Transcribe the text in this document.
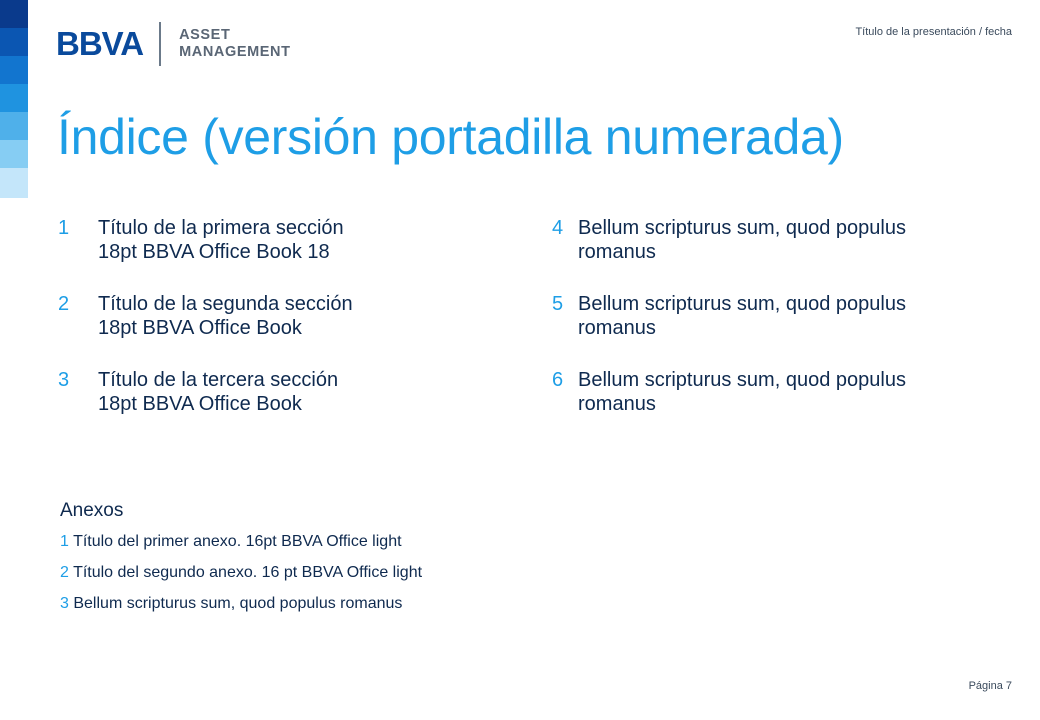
BBVA ASSET
MANAGEMENT
Título de la presentación / fecha
Índice (versión portadilla numerada)
1	Título de la primera sección
18pt BBVA Office Book 18
2	Título de la segunda sección
18pt BBVA Office Book
3	Título de la tercera sección
18pt BBVA Office Book
4 Bellum scripturus sum, quod populus
romanus
5 Bellum scripturus sum, quod populus
romanus
6 Bellum scripturus sum, quod populus
romanus
Anexos
1 Título del primer anexo. 16pt BBVA Office light
2 Título del segundo anexo. 16 pt BBVA Office light
3 Bellum scripturus sum, quod populus romanus
Página 7
